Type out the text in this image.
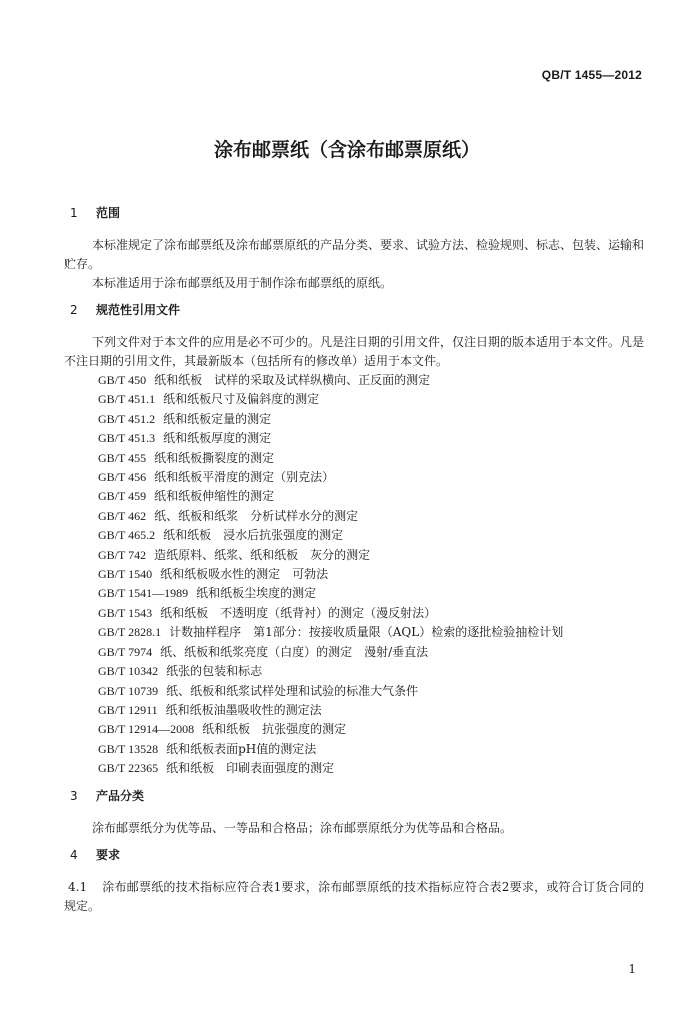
QB/T 1455—2012
涂布邮票纸（含涂布邮票原纸）

1 范围

本标准规定了涂布邮票纸及涂布邮票原纸的产品分类、要求、试验方法、检验规则、标志、包装、运输和贮存。

本标准适用于涂布邮票纸及用于制作涂布邮票纸的原纸。

2 规范性引用文件

下列文件对于本文件的应用是必不可少的。凡是注日期的引用文件，仅注日期的版本适用于本文件。凡是不注日期的引用文件，其最新版本（包括所有的修改单）适用于本文件。

GB/T 450 纸和纸板　试样的采取及试样纵横向、正反面的测定
GB/T 451.1 纸和纸板尺寸及偏斜度的测定
GB/T 451.2 纸和纸板定量的测定
GB/T 451.3 纸和纸板厚度的测定
GB/T 455 纸和纸板撕裂度的测定
GB/T 456 纸和纸板平滑度的测定（别克法）
GB/T 459 纸和纸板伸缩性的测定
GB/T 462 纸、纸板和纸浆　分析试样水分的测定
GB/T 465.2 纸和纸板　浸水后抗张强度的测定
GB/T 742 造纸原料、纸浆、纸和纸板　灰分的测定
GB/T 1540 纸和纸板吸水性的测定　可勃法
GB/T 1541—1989 纸和纸板尘埃度的测定
GB/T 1543 纸和纸板　不透明度（纸背衬）的测定（漫反射法）
GB/T 2828.1 计数抽样程序　第1部分：按接收质量限（AQL）检索的逐批检验抽检计划
GB/T 7974 纸、纸板和纸浆亮度（白度）的测定　漫射/垂直法
GB/T 10342 纸张的包装和标志
GB/T 10739 纸、纸板和纸浆试样处理和试验的标准大气条件
GB/T 12911 纸和纸板油墨吸收性的测定法
GB/T 12914—2008 纸和纸板　抗张强度的测定
GB/T 13528 纸和纸板表面pH值的测定法
GB/T 22365 纸和纸板　印刷表面强度的测定

3 产品分类

涂布邮票纸分为优等品、一等品和合格品；涂布邮票原纸分为优等品和合格品。

4 要求

4.1 涂布邮票纸的技术指标应符合表1要求，涂布邮票原纸的技术指标应符合表2要求，或符合订货合同的规定。

1
